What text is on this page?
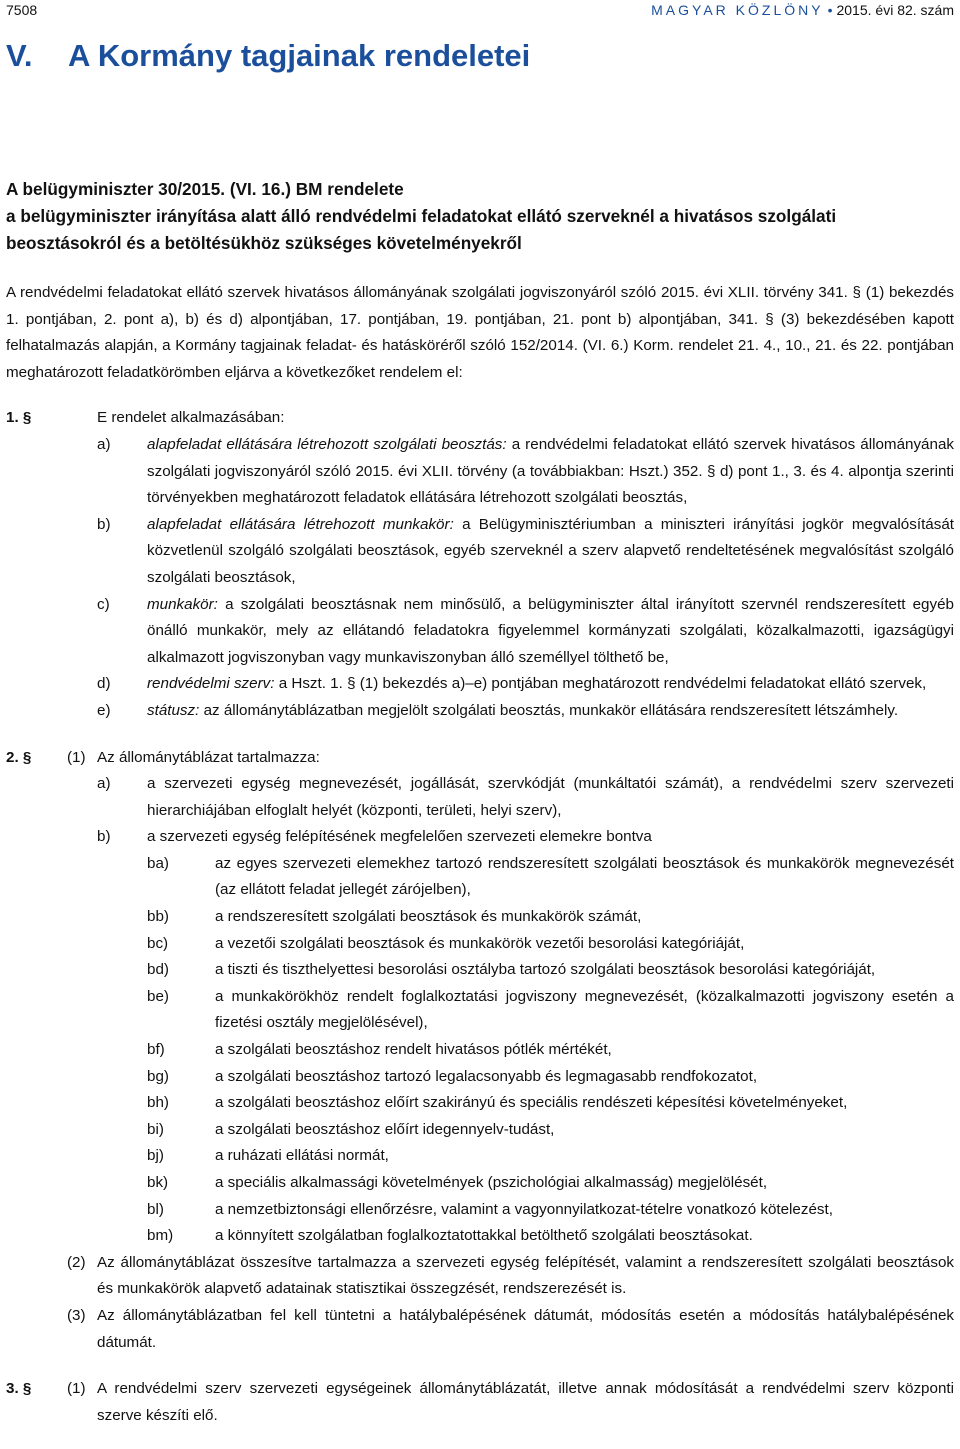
7508	MAGYAR KÖZLÖNY • 2015. évi 82. szám
V. A Kormány tagjainak rendeletei
A belügyminiszter 30/2015. (VI. 16.) BM rendelete
a belügyminiszter irányítása alatt álló rendvédelmi feladatokat ellátó szerveknél a hivatásos szolgálati
beosztásokról és a betöltésükhöz szükséges követelményekről

A rendvédelmi feladatokat ellátó szervek hivatásos állományának szolgálati jogviszonyáról szóló 2015. évi XLII. törvény 341. § (1) bekezdés 1. pontjában, 2. pont a), b) és d) alpontjában, 17. pontjában, 19. pontjában, 21. pont b) alpontjában, 341. § (3) bekezdésében kapott felhatalmazás alapján, a Kormány tagjainak feladat- és hatásköréről szóló 152/2014. (VI. 6.) Korm. rendelet 21. 4., 10., 21. és 22. pontjában meghatározott feladatkörömben eljárva a következőket rendelem el:

1. §	E rendelet alkalmazásában:
a) alapfeladat ellátására létrehozott szolgálati beosztás: a rendvédelmi feladatokat ellátó szervek hivatásos állományának szolgálati jogviszonyáról szóló 2015. évi XLII. törvény (a továbbiakban: Hszt.) 352. § d) pont 1., 3. és 4. alpontja szerinti törvényekben meghatározott feladatok ellátására létrehozott szolgálati beosztás,
b) alapfeladat ellátására létrehozott munkakör: a Belügyminisztériumban a miniszteri irányítási jogkör megvalósítását közvetlenül szolgáló szolgálati beosztások, egyéb szerveknél a szerv alapvető rendeltetésének megvalósítást szolgáló szolgálati beosztások,
c) munkakör: a szolgálati beosztásnak nem minősülő, a belügyminiszter által irányított szervnél rendszeresített egyéb önálló munkakör, mely az ellátandó feladatokra figyelemmel kormányzati szolgálati, közalkalmazotti, igazságügyi alkalmazott jogviszonyban vagy munkaviszonyban álló személlyel tölthető be,
d) rendvédelmi szerv: a Hszt. 1. § (1) bekezdés a)–e) pontjában meghatározott rendvédelmi feladatokat ellátó szervek,
e) státusz: az állománytáblázatban megjelölt szolgálati beosztás, munkakör ellátására rendszeresített létszámhely.
2. § (1) Az állománytáblázat tartalmazza:
a) a szervezeti egység megnevezését, jogállását, szervkódját (munkáltatói számát), a rendvédelmi szerv szervezeti hierarchiájában elfoglalt helyét (központi, területi, helyi szerv),
b) a szervezeti egység felépítésének megfelelően szervezeti elemekre bontva
ba)	az egyes szervezeti elemekhez tartozó rendszeresített szolgálati beosztások és munkakörök megnevezését (az ellátott feladat jellegét zárójelben),
bb)	a rendszeresített szolgálati beosztások és munkakörök számát,
bc)	a vezetői szolgálati beosztások és munkakörök vezetői besorolási kategóriáját,
bd)	a tiszti és tiszthelyettesi besorolási osztályba tartozó szolgálati beosztások besorolási kategóriáját,
be)	a munkakörökhöz rendelt foglalkoztatási jogviszony megnevezését, (közalkalmazotti jogviszony esetén a fizetési osztály megjelölésével),
bf)	a szolgálati beosztáshoz rendelt hivatásos pótlék mértékét,
bg)	a szolgálati beosztáshoz tartozó legalacsonyabb és legmagasabb rendfokozatot,
bh)	a szolgálati beosztáshoz előírt szakirányú és speciális rendészeti képesítési követelményeket,
bi)	a szolgálati beosztáshoz előírt idegennyelv-tudást,
bj)	a ruházati ellátási normát,
bk)	a speciális alkalmassági követelmények (pszichológiai alkalmasság) megjelölését,
bl)	a nemzetbiztonsági ellenőrzésre, valamint a vagyonnyilatkozat-tételre vonatkozó kötelezést,
bm)	a könnyített szolgálatban foglalkoztatottakkal betölthető szolgálati beosztásokat.
(2) Az állománytáblázat összesítve tartalmazza a szervezeti egység felépítését, valamint a rendszeresített szolgálati beosztások és munkakörök alapvető adatainak statisztikai összegzését, rendszerezését is.
(3) Az állománytáblázatban fel kell tüntetni a hatálybalépésének dátumát, módosítás esetén a módosítás hatálybalépésének dátumát.
3. § (1) A rendvédelmi szerv szervezeti egységeinek állománytáblázatát, illetve annak módosítását a rendvédelmi szerv központi szerve készíti elő.
